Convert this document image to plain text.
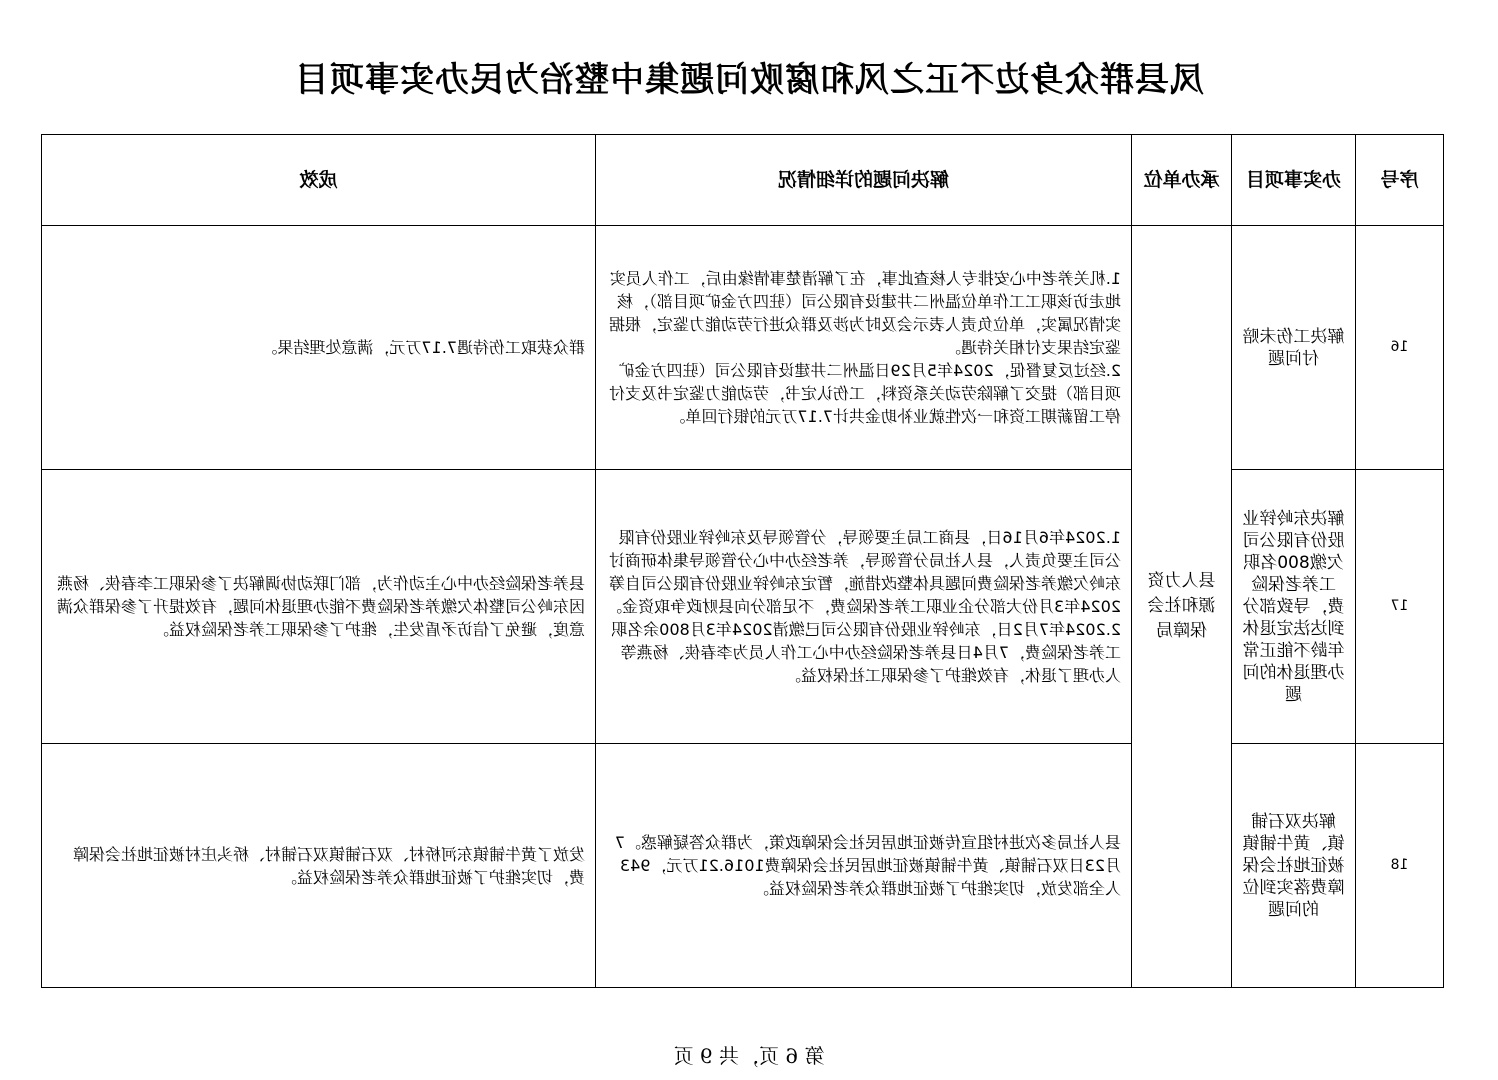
凤县群众身边不正之风和腐败问题集中整治为民办实事项目
序号	办实事项目	承办单位	解决问题的详细情况	成效
16	解决工伤未赔付问题	县人力资源和社会保障局	1.机关养老中心安排专人核查此事，在了解清楚事情缘由后，工作人员实地走访该职工工作单位温州二井建设有限公司（驻四方金矿项目部），核实情况属实，单位负责人表示会及时为涉及群众进行劳动能力鉴定，根据鉴定结果支付相关待遇。

2.经过反复督促，2024年5月29日温州二井建设有限公司（驻四方金矿项目部）提交了解除劳动关系资料，工伤认定书，劳动能力鉴定书及支付停工留薪期工资和一次性就业补助金共计7.17万元的银行回单。	群众获取工伤待遇7.17万元，满意处理结果。
17	解决东岭锌业股份有限公司欠缴800名职工养老保险费，导致部分到达法定退休年龄不能正常办理退休的问题		1.2024年6月16日，县商工局主要领导，分管领导及东岭锌业股份有限公司主要负责人，县人社局分管领导，养老经办中心分管领导集体研商讨东岭欠缴养老保险费问题具体整改措施，暂定东岭锌业股份有限公司自筹2024年3月份大部分企业职工养老保险费，不足部分向县财政争取资金。

2.2024年7月2日，东岭锌业股份有限公司已缴清2024年3月800余名职工养老保险费，7月4日县养老保险经办中心工作人员为李春侠、杨燕等人办理了退休，有效维护了参保职工社保权益。	县养老保险经办中心主动作为，部门联动协调解决了参保职工李春侠、杨燕因东岭公司整体欠缴养老保险费不能办理退休问题，有效提升了参保群众满意度，避免了信访矛盾发生，维护了参保职工养老保险权益。
18	解决双石铺镇、黄牛铺镇被征地社会保障费落实到位的问题		县人社局多次进村组宣传被征地居民社会保障政策，为群众答疑解惑。7月23日双石铺镇、黄牛铺镇被征地居民社会保障费1016.21万元，943人全部发放，切实维护了被征地群众养老保险权益。	发放了黄牛铺镇东河桥村、双石铺镇双石铺村、桥头庄村被征地社会保障费，切实维护了被征地群众养老保险权益。
第 6 页，共 9 页
